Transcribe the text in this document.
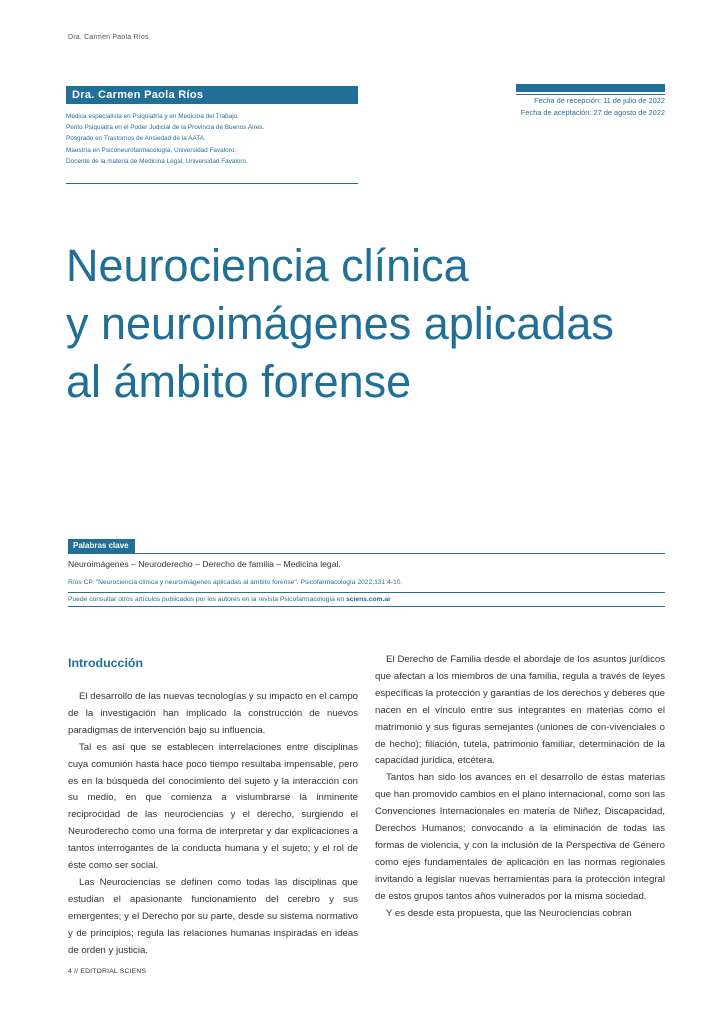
Dra. Carmen Paola Ríos
Dra. Carmen Paola Ríos
Médica especialista en Psiquiatría y en Medicina del Trabajo.
Perito Psiquiatra en el Poder Judicial de la Provincia de Buenos Aires.
Posgrado en Trastornos de Ansiedad de la AATA.
Maestría en Psiconeurofarmacología, Universidad Favaloro.
Docente de la materia de Medicina Legal, Universidad Favaloro.
Fecha de recepción: 11 de julio de 2022
Fecha de aceptación: 27 de agosto de 2022
Neurociencia clínica
y neuroimágenes aplicadas
al ámbito forense
Palabras clave
Neuroimágenes – Neuroderecho – Derecho de familia – Medicina legal.
Ríos CP. "Neurociencia clínica y neuroimágenes aplicadas al ámbito forense". Psicofarmacología 2022;131:4-10.
Puede consultar otros artículos publicados por los autores en la revista Psicofarmacología en sciens.com.ar
Introducción

El desarrollo de las nuevas tecnologías y su impacto en el campo de la investigación han implicado la construcción de nuevos paradigmas de intervención bajo su influencia.

Tal es así que se establecen interrelaciones entre disciplinas cuya comunión hasta hace poco tiempo resultaba impensable, pero es en la búsqueda del conocimiento del sujeto y la interacción con su medio, en que comienza a vislumbrarse la inminente reciprocidad de las neurociencias y el derecho, surgiendo el Neuroderecho como una forma de interpretar y dar explicaciones a tantos interrogantes de la conducta humana y el sujeto; y el rol de éste como ser social.

Las Neurociencias se definen como todas las disciplinas que estudian el apasionante funcionamiento del cerebro y sus emergentes; y el Derecho por su parte, desde su sistema normativo y de principios; regula las relaciones humanas inspiradas en ideas de orden y justicia.

El Derecho de Familia desde el abordaje de los asuntos jurídicos que afectan a los miembros de una familia, regula a través de leyes específicas la protección y garantías de los derechos y deberes que nacen en el vínculo entre sus integrantes en materias como el matrimonio y sus figuras semejantes (uniones de con-vivenciales o de hecho); filiación, tutela, patrimonio familiar, determinación de la capacidad jurídica, etcétera.

Tantos han sido los avances en el desarrollo de éstas materias que han promovido cambios en el plano internacional, como son las Convenciones Internacionales en materia de Niñez, Discapacidad, Derechos Humanos; convocando a la eliminación de todas las formas de violencia, y con la inclusión de la Perspectiva de Género como ejes fundamentales de aplicación en las normas regionales invitando a legislar nuevas herramientas para la protección integral de estos grupos tantos años vulnerados por la misma sociedad.

Y es desde esta propuesta, que las Neurociencias cobran

4 // EDITORIAL SCIENS
